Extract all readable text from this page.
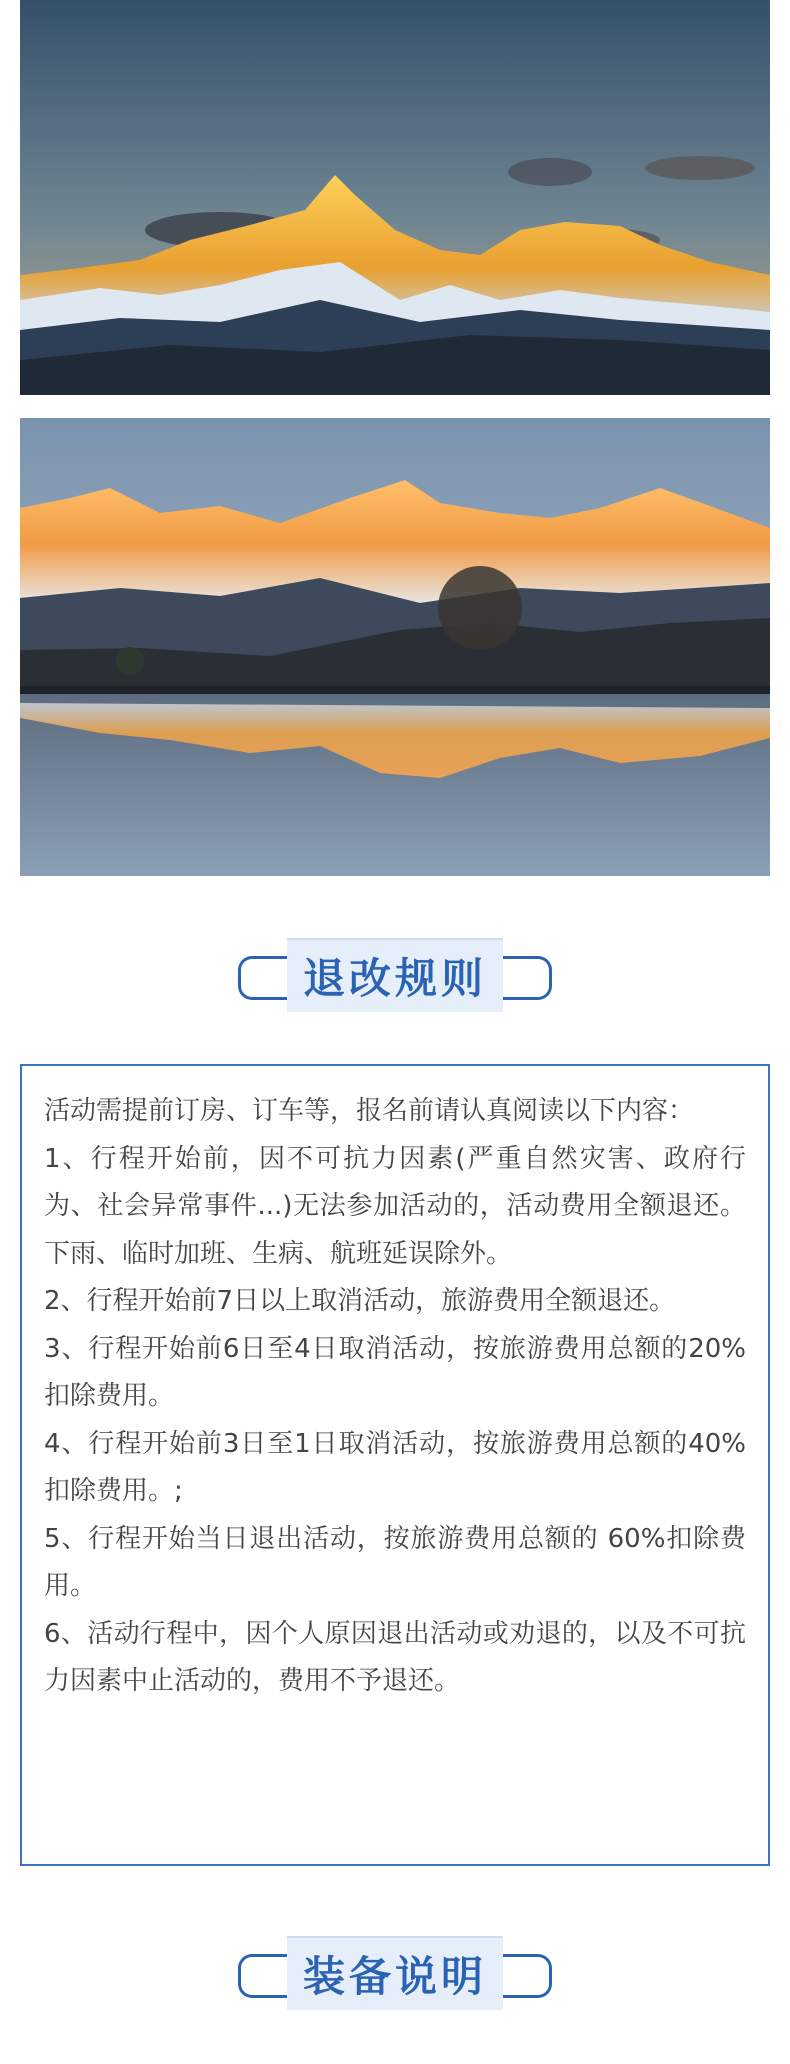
退改规则

活动需提前订房、订车等，报名前请认真阅读以下内容：

1、行程开始前，因不可抗力因素(严重自然灾害、政府行为、社会异常事件...)无法参加活动的，活动费用全额退还。下雨、临时加班、生病、航班延误除外。

2、行程开始前7日以上取消活动，旅游费用全额退还。

3、行程开始前6日至4日取消活动，按旅游费用总额的20%扣除费用。

4、行程开始前3日至1日取消活动，按旅游费用总额的40%扣除费用。;

5、行程开始当日退出活动，按旅游费用总额的 60%扣除费用。

6、活动行程中，因个人原因退出活动或劝退的，以及不可抗力因素中止活动的，费用不予退还。

装备说明
